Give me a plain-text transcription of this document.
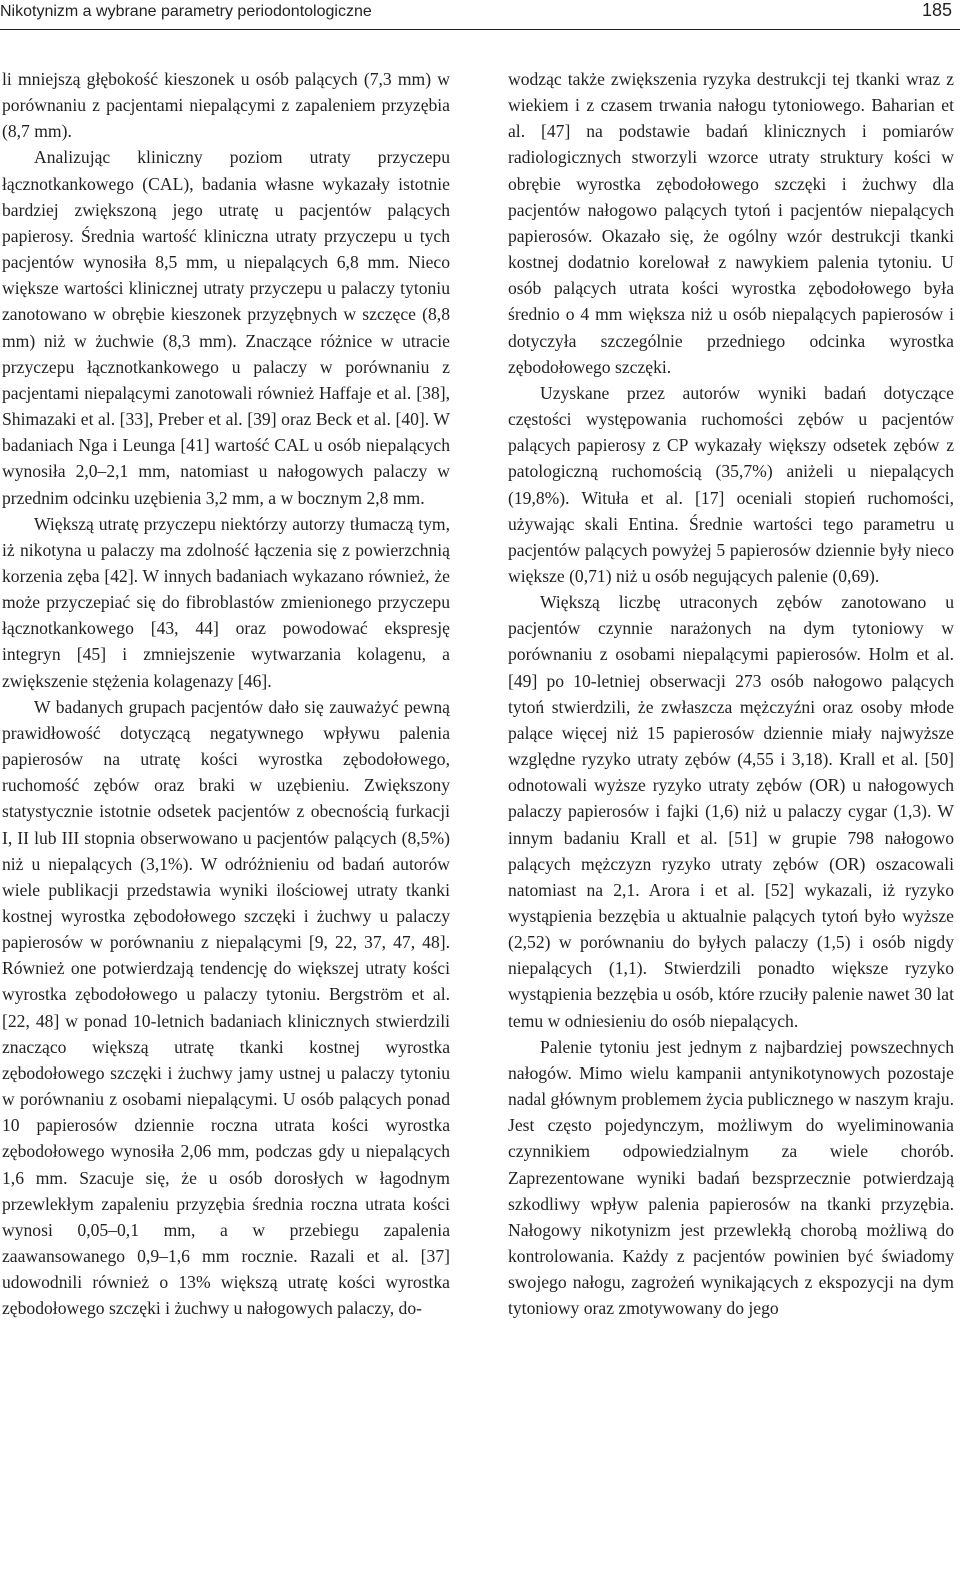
Nikotynizm a wybrane parametry periodontologiczne	185

li mniejszą głębokość kieszonek u osób palących (7,3 mm) w porównaniu z pacjentami niepalącymi z zapaleniem przyzębia (8,7 mm).

Analizując kliniczny poziom utraty przyczepu łącznotkankowego (CAL), badania własne wykazały istotnie bardziej zwiększoną jego utratę u pacjentów palących papierosy. Średnia wartość kliniczna utraty przyczepu u tych pacjentów wynosiła 8,5 mm, u niepalących 6,8 mm. Nieco większe wartości klinicznej utraty przyczepu u palaczy tytoniu zanotowano w obrębie kieszonek przyzębnych w szczęce (8,8 mm) niż w żuchwie (8,3 mm). Znaczące różnice w utracie przyczepu łącznotkankowego u palaczy w porównaniu z pacjentami niepalącymi zanotowali również Haffaje et al. [38], Shimazaki et al. [33], Preber et al. [39] oraz Beck et al. [40]. W badaniach Nga i Leunga [41] wartość CAL u osób niepalących wynosiła 2,0–2,1 mm, natomiast u nałogowych palaczy w przednim odcinku uzębienia 3,2 mm, a w bocznym 2,8 mm.

Większą utratę przyczepu niektórzy autorzy tłumaczą tym, iż nikotyna u palaczy ma zdolność łączenia się z powierzchnią korzenia zęba [42]. W innych badaniach wykazano również, że może przyczepiać się do fibroblastów zmienionego przyczepu łącznotkankowego [43, 44] oraz powodować ekspresję integryn [45] i zmniejszenie wytwarzania kolagenu, a zwiększenie stężenia kolagenazy [46].

W badanych grupach pacjentów dało się zauważyć pewną prawidłowość dotyczącą negatywnego wpływu palenia papierosów na utratę kości wyrostka zębodołowego, ruchomość zębów oraz braki w uzębieniu. Zwiększony statystycznie istotnie odsetek pacjentów z obecnością furkacji I, II lub III stopnia obserwowano u pacjentów palących (8,5%) niż u niepalących (3,1%). W odróżnieniu od badań autorów wiele publikacji przedstawia wyniki ilościowej utraty tkanki kostnej wyrostka zębodołowego szczęki i żuchwy u palaczy papierosów w porównaniu z niepalącymi [9, 22, 37, 47, 48]. Również one potwierdzają tendencję do większej utraty kości wyrostka zębodołowego u palaczy tytoniu. Bergström et al. [22, 48] w ponad 10-letnich badaniach klinicznych stwierdzili znacząco większą utratę tkanki kostnej wyrostka zębodołowego szczęki i żuchwy jamy ustnej u palaczy tytoniu w porównaniu z osobami niepalącymi. U osób palących ponad 10 papierosów dziennie roczna utrata kości wyrostka zębodołowego wynosiła 2,06 mm, podczas gdy u niepalących 1,6 mm. Szacuje się, że u osób dorosłych w łagodnym przewlekłym zapaleniu przyzębia średnia roczna utrata kości wynosi 0,05–0,1 mm, a w przebiegu zapalenia zaawansowanego 0,9–1,6 mm rocznie. Razali et al. [37] udowodnili również o 13% większą utratę kości wyrostka zębodołowego szczęki i żuchwy u nałogowych palaczy, do-

wodząc także zwiększenia ryzyka destrukcji tej tkanki wraz z wiekiem i z czasem trwania nałogu tytoniowego. Baharian et al. [47] na podstawie badań klinicznych i pomiarów radiologicznych stworzyli wzorce utraty struktury kości w obrębie wyrostka zębodołowego szczęki i żuchwy dla pacjentów nałogowo palących tytoń i pacjentów niepalących papierosów. Okazało się, że ogólny wzór destrukcji tkanki kostnej dodatnio korelował z nawykiem palenia tytoniu. U osób palących utrata kości wyrostka zębodołowego była średnio o 4 mm większa niż u osób niepalących papierosów i dotyczyła szczególnie przedniego odcinka wyrostka zębodołowego szczęki.

Uzyskane przez autorów wyniki badań dotyczące częstości występowania ruchomości zębów u pacjentów palących papierosy z CP wykazały większy odsetek zębów z patologiczną ruchomością (35,7%) aniżeli u niepalących (19,8%). Wituła et al. [17] oceniali stopień ruchomości, używając skali Entina. Średnie wartości tego parametru u pacjentów palących powyżej 5 papierosów dziennie były nieco większe (0,71) niż u osób negujących palenie (0,69).

Większą liczbę utraconych zębów zanotowano u pacjentów czynnie narażonych na dym tytoniowy w porównaniu z osobami niepalącymi papierosów. Holm et al. [49] po 10-letniej obserwacji 273 osób nałogowo palących tytoń stwierdzili, że zwłaszcza mężczyźni oraz osoby młode palące więcej niż 15 papierosów dziennie miały najwyższe względne ryzyko utraty zębów (4,55 i 3,18). Krall et al. [50] odnotowali wyższe ryzyko utraty zębów (OR) u nałogowych palaczy papierosów i fajki (1,6) niż u palaczy cygar (1,3). W innym badaniu Krall et al. [51] w grupie 798 nałogowo palących mężczyzn ryzyko utraty zębów (OR) oszacowali natomiast na 2,1. Arora i et al. [52] wykazali, iż ryzyko wystąpienia bezzębia u aktualnie palących tytoń było wyższe (2,52) w porównaniu do byłych palaczy (1,5) i osób nigdy niepalących (1,1). Stwierdzili ponadto większe ryzyko wystąpienia bezzębia u osób, które rzuciły palenie nawet 30 lat temu w odniesieniu do osób niepalących.

Palenie tytoniu jest jednym z najbardziej powszechnych nałogów. Mimo wielu kampanii antynikotynowych pozostaje nadal głównym problemem życia publicznego w naszym kraju. Jest często pojedynczym, możliwym do wyeliminowania czynnikiem odpowiedzialnym za wiele chorób. Zaprezentowane wyniki badań bezsprzecznie potwierdzają szkodliwy wpływ palenia papierosów na tkanki przyzębia. Nałogowy nikotynizm jest przewlekłą chorobą możliwą do kontrolowania. Każdy z pacjentów powinien być świadomy swojego nałogu, zagrożeń wynikających z ekspozycji na dym tytoniowy oraz zmotywowany do jego
